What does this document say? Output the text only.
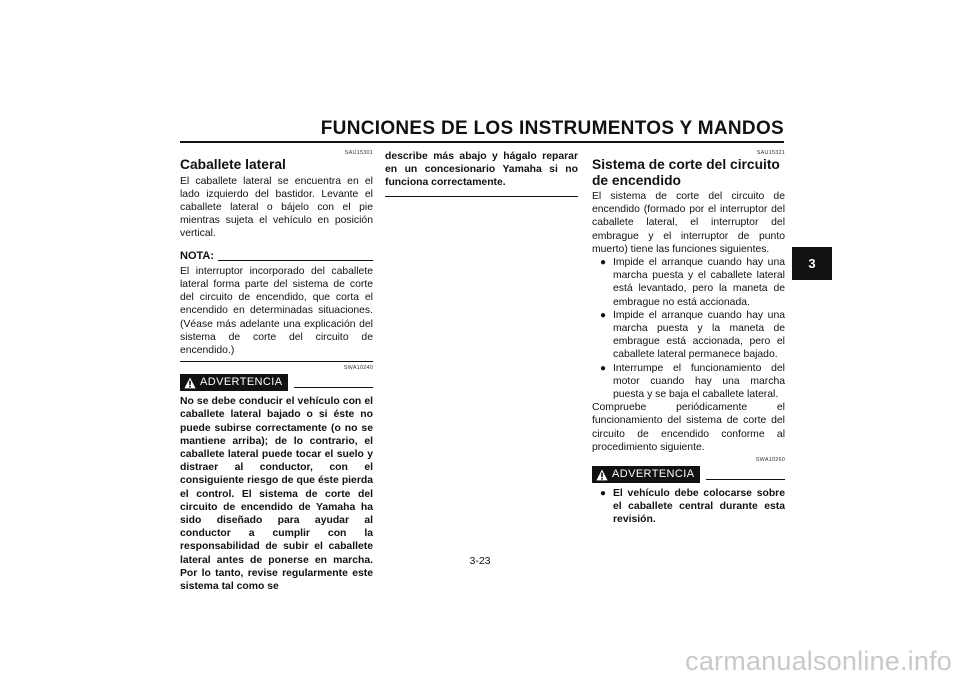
FUNCIONES DE LOS INSTRUMENTOS Y MANDOS
3
SAU15301
Caballete lateral
El caballete lateral se encuentra en el lado izquierdo del bastidor. Levante el caballete lateral o bájelo con el pie mientras sujeta el vehículo en posición vertical.
NOTA:
El interruptor incorporado del caballete lateral forma parte del sistema de corte del circuito de encendido, que corta el encendido en determinadas situaciones. (Véase más adelante una explicación del sistema de corte del circuito de encendido.)
SWA10240
ADVERTENCIA
No se debe conducir el vehículo con el caballete lateral bajado o si éste no puede subirse correctamente (o no se mantiene arriba); de lo contrario, el caballete lateral puede tocar el suelo y distraer al conductor, con el consiguiente riesgo de que éste pierda el control. El sistema de corte del circuito de encendido de Yamaha ha sido diseñado para ayudar al conductor a cumplir con la responsabilidad de subir el caballete lateral antes de ponerse en marcha. Por lo tanto, revise regularmente este sistema tal como se
describe más abajo y hágalo reparar en un concesionario Yamaha si no funciona correctamente.
SAU15321
Sistema de corte del circuito de encendido
El sistema de corte del circuito de encendido (formado por el interruptor del caballete lateral, el interruptor del embrague y el interruptor de punto muerto) tiene las funciones siguientes.
● Impide el arranque cuando hay una marcha puesta y el caballete lateral está levantado, pero la maneta de embrague no está accionada.
● Impide el arranque cuando hay una marcha puesta y la maneta de embrague está accionada, pero el caballete lateral permanece bajado.
● Interrumpe el funcionamiento del motor cuando hay una marcha puesta y se baja el caballete lateral.
Compruebe periódicamente el funcionamiento del sistema de corte del circuito de encendido conforme al procedimiento siguiente.
SWA10260
ADVERTENCIA
● El vehículo debe colocarse sobre el caballete central durante esta revisión.
3-23
carmanualsonline.info
